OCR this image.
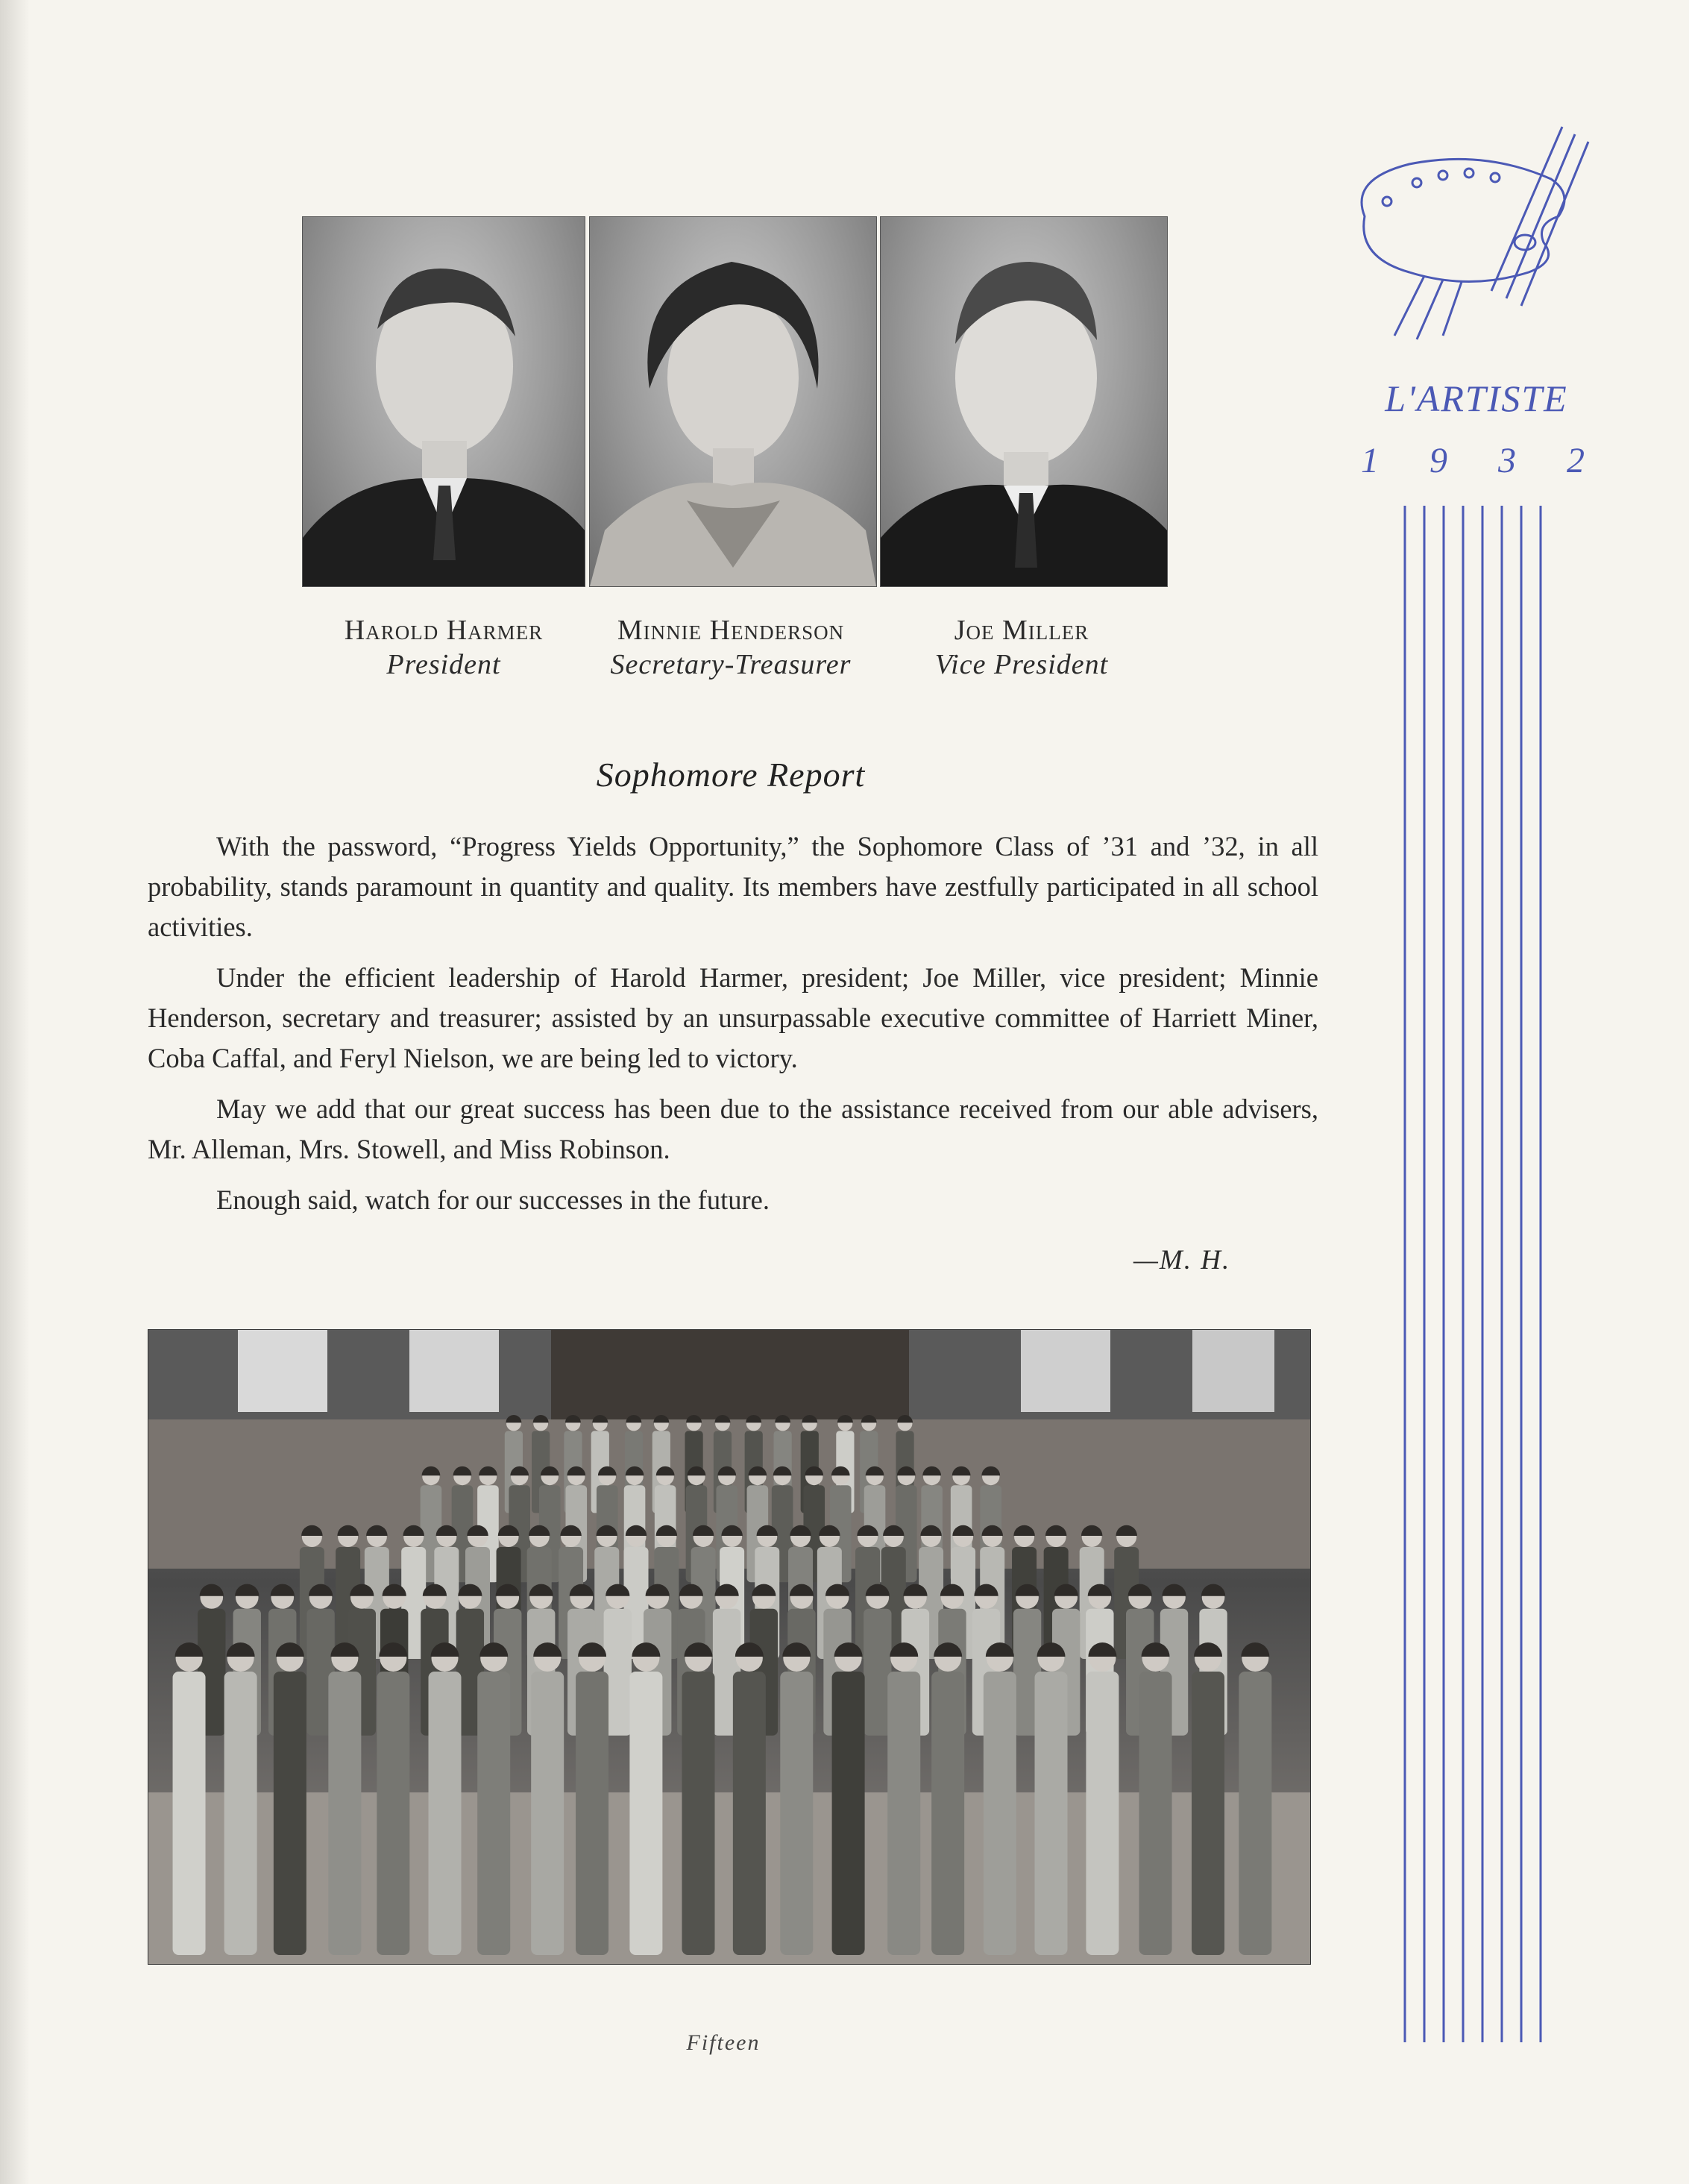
Harold Harmer
President
Minnie Henderson
Secretary-Treasurer
Joe Miller
Vice President
Sophomore Report

With the password, “Progress Yields Opportunity,” the Sophomore Class of ’31 and ’32, in all probability, stands paramount in quantity and quality. Its members have zestfully participated in all school activities.

Under the efficient leadership of Harold Harmer, president; Joe Miller, vice president; Minnie Henderson, secretary and treasurer; assisted by an unsurpassable executive committee of Harriett Miner, Coba Caffal, and Feryl Nielson, we are being led to victory.

May we add that our great success has been due to the assistance received from our able advisers, Mr. Alleman, Mrs. Stowell, and Miss Robinson.

Enough said, watch for our successes in the future.

—M. H.
Fifteen
L'ARTISTE
1 9 3 2
